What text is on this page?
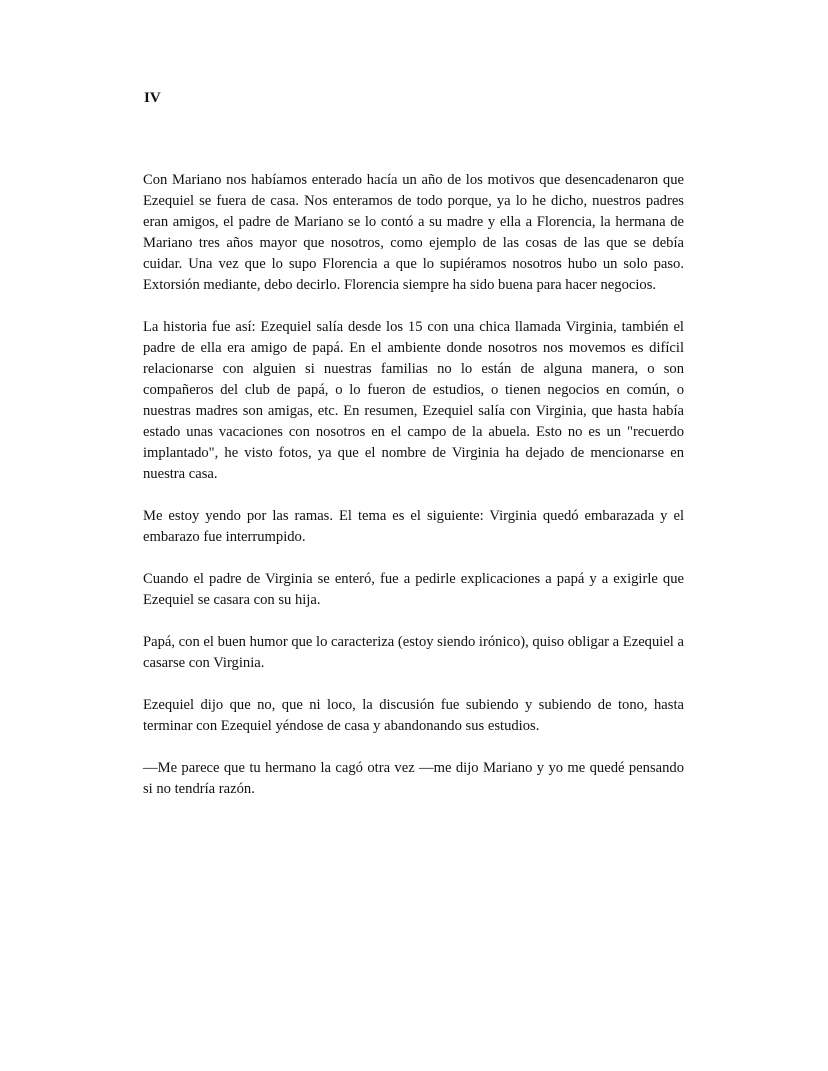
IV

Con Mariano nos habíamos enterado hacía un año de los motivos que desencadenaron que Ezequiel se fuera de casa. Nos enteramos de todo porque, ya lo he dicho, nuestros padres eran amigos, el padre de Mariano se lo contó a su madre y ella a Florencia, la hermana de Mariano tres años mayor que nosotros, como ejemplo de las cosas de las que se debía cuidar. Una vez que lo supo Florencia a que lo supiéramos nosotros hubo un solo paso. Extorsión mediante, debo decirlo. Florencia siempre ha sido buena para hacer negocios.

La historia fue así: Ezequiel salía desde los 15 con una chica llamada Virginia, también el padre de ella era amigo de papá. En el ambiente donde nosotros nos movemos es difícil relacionarse con alguien si nuestras familias no lo están de alguna manera, o son compañeros del club de papá, o lo fueron de estudios, o tienen negocios en común, o nuestras madres son amigas, etc. En resumen, Ezequiel salía con Virginia, que hasta había estado unas vacaciones con nosotros en el campo de la abuela. Esto no es un "recuerdo implantado", he visto fotos, ya que el nombre de Virginia ha dejado de mencionarse en nuestra casa.

Me estoy yendo por las ramas. El tema es el siguiente: Virginia quedó embarazada y el embarazo fue interrumpido.

Cuando el padre de Virginia se enteró, fue a pedirle explicaciones a papá y a exigirle que Ezequiel se casara con su hija.

Papá, con el buen humor que lo caracteriza (estoy siendo irónico), quiso obligar a Ezequiel a casarse con Virginia.

Ezequiel dijo que no, que ni loco, la discusión fue subiendo y subiendo de tono, hasta terminar con Ezequiel yéndose de casa y abandonando sus estudios.

—Me parece que tu hermano la cagó otra vez —me dijo Mariano y yo me quedé pensando si no tendría razón.
